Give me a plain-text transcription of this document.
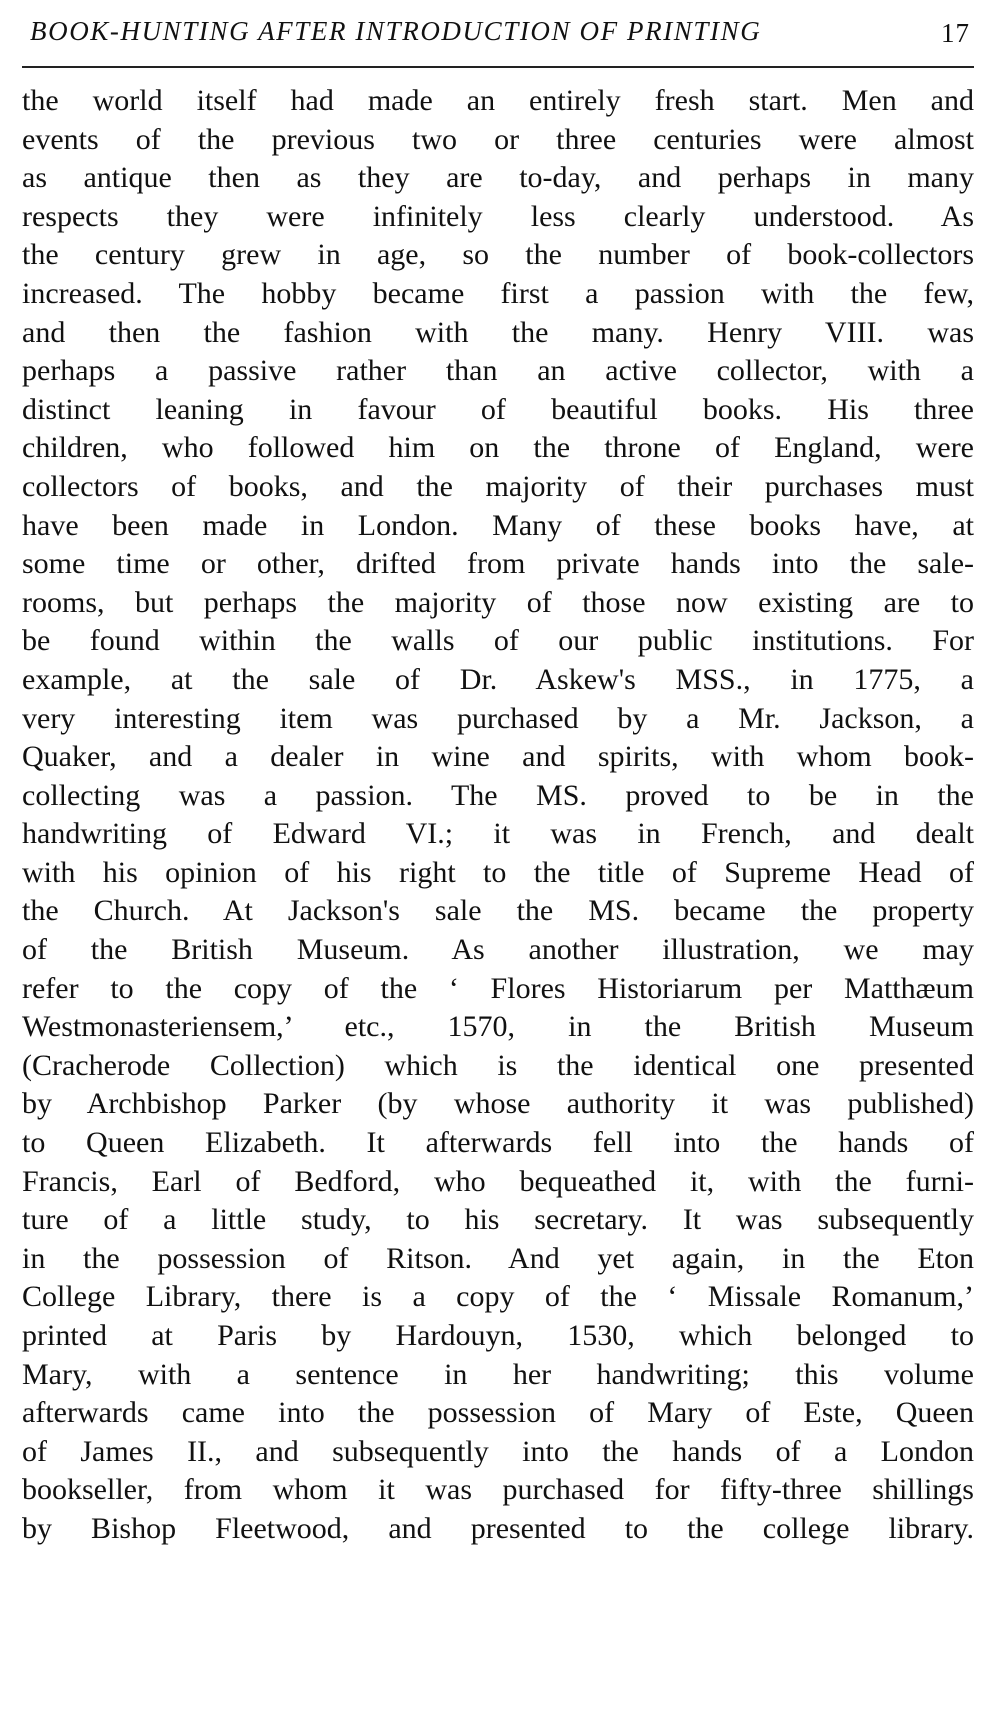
BOOK-HUNTING AFTER INTRODUCTION OF PRINTING	17
the world itself had made an entirely fresh start. Men and
events of the previous two or three centuries were almost
as antique then as they are to-day, and perhaps in many
respects they were infinitely less clearly understood. As
the century grew in age, so the number of book-collectors
increased. The hobby became first a passion with the few,
and then the fashion with the many. Henry VIII. was
perhaps a passive rather than an active collector, with a
distinct leaning in favour of beautiful books. His three
children, who followed him on the throne of England, were
collectors of books, and the majority of their purchases must
have been made in London. Many of these books have, at
some time or other, drifted from private hands into the sale-
rooms, but perhaps the majority of those now existing are to
be found within the walls of our public institutions. For
example, at the sale of Dr. Askew's MSS., in 1775, a
very interesting item was purchased by a Mr. Jackson, a
Quaker, and a dealer in wine and spirits, with whom book-
collecting was a passion. The MS. proved to be in the
handwriting of Edward VI.; it was in French, and dealt
with his opinion of his right to the title of Supreme Head of
the Church. At Jackson's sale the MS. became the property
of the British Museum. As another illustration, we may
refer to the copy of the ‘ Flores Historiarum per Matthæum
Westmonasteriensem,’ etc., 1570, in the British Museum
(Cracherode Collection) which is the identical one presented
by Archbishop Parker (by whose authority it was published)
to Queen Elizabeth. It afterwards fell into the hands of
Francis, Earl of Bedford, who bequeathed it, with the furni-
ture of a little study, to his secretary. It was subsequently
in the possession of Ritson. And yet again, in the Eton
College Library, there is a copy of the ‘ Missale Romanum,’
printed at Paris by Hardouyn, 1530, which belonged to
Mary, with a sentence in her handwriting; this volume
afterwards came into the possession of Mary of Este, Queen
of James II., and subsequently into the hands of a London
bookseller, from whom it was purchased for fifty-three shillings
by Bishop Fleetwood, and presented to the college library.
